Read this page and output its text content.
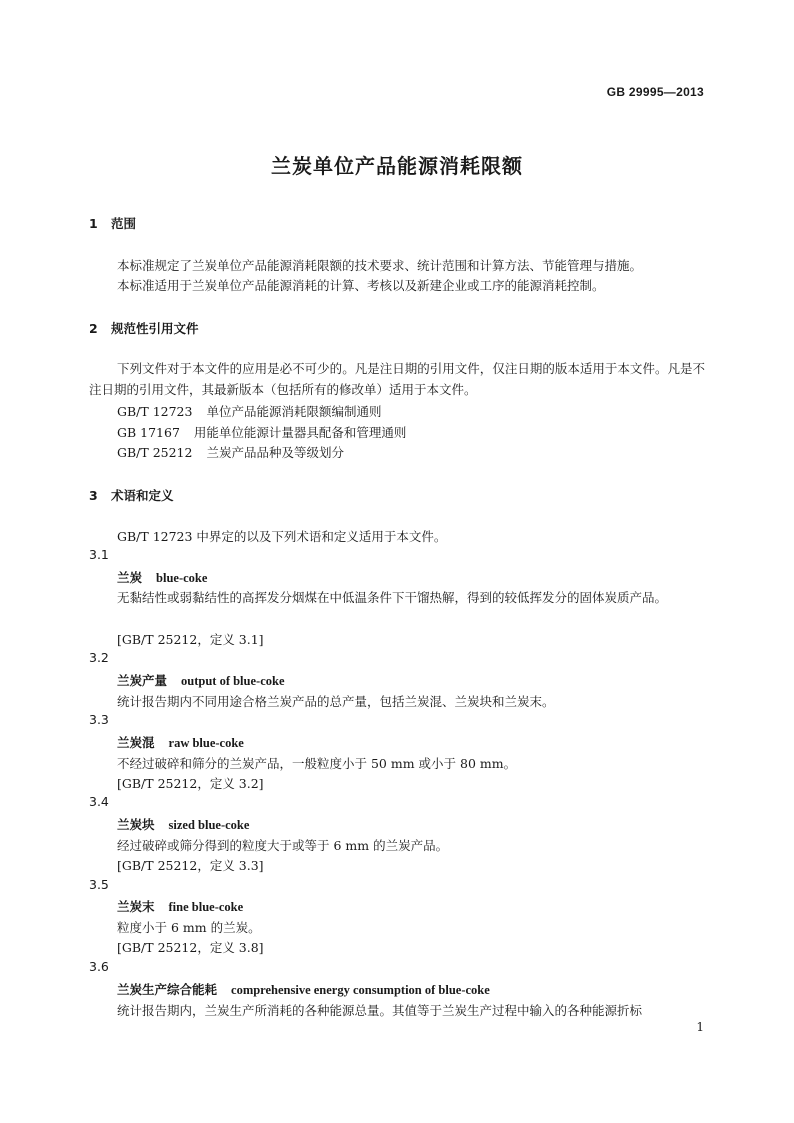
GB 29995—2013
兰炭单位产品能源消耗限额
1 范围
本标准规定了兰炭单位产品能源消耗限额的技术要求、统计范围和计算方法、节能管理与措施。
本标准适用于兰炭单位产品能源消耗的计算、考核以及新建企业或工序的能源消耗控制。
2 规范性引用文件
下列文件对于本文件的应用是必不可少的。凡是注日期的引用文件，仅注日期的版本适用于本文件。凡是不注日期的引用文件，其最新版本（包括所有的修改单）适用于本文件。
GB/T 12723 单位产品能源消耗限额编制通则
GB 17167 用能单位能源计量器具配备和管理通则
GB/T 25212 兰炭产品品种及等级划分
3 术语和定义
GB/T 12723 中界定的以及下列术语和定义适用于本文件。
3.1
兰炭 blue-coke
无黏结性或弱黏结性的高挥发分烟煤在中低温条件下干馏热解，得到的较低挥发分的固体炭质产品。
[GB/T 25212，定义 3.1]
3.2
兰炭产量 output of blue-coke
统计报告期内不同用途合格兰炭产品的总产量，包括兰炭混、兰炭块和兰炭末。
3.3
兰炭混 raw blue-coke
不经过破碎和筛分的兰炭产品，一般粒度小于 50 mm 或小于 80 mm。
[GB/T 25212，定义 3.2]
3.4
兰炭块 sized blue-coke
经过破碎或筛分得到的粒度大于或等于 6 mm 的兰炭产品。
[GB/T 25212，定义 3.3]
3.5
兰炭末 fine blue-coke
粒度小于 6 mm 的兰炭。
[GB/T 25212，定义 3.8]
3.6
兰炭生产综合能耗 comprehensive energy consumption of blue-coke
统计报告期内，兰炭生产所消耗的各种能源总量。其值等于兰炭生产过程中输入的各种能源折标
1
